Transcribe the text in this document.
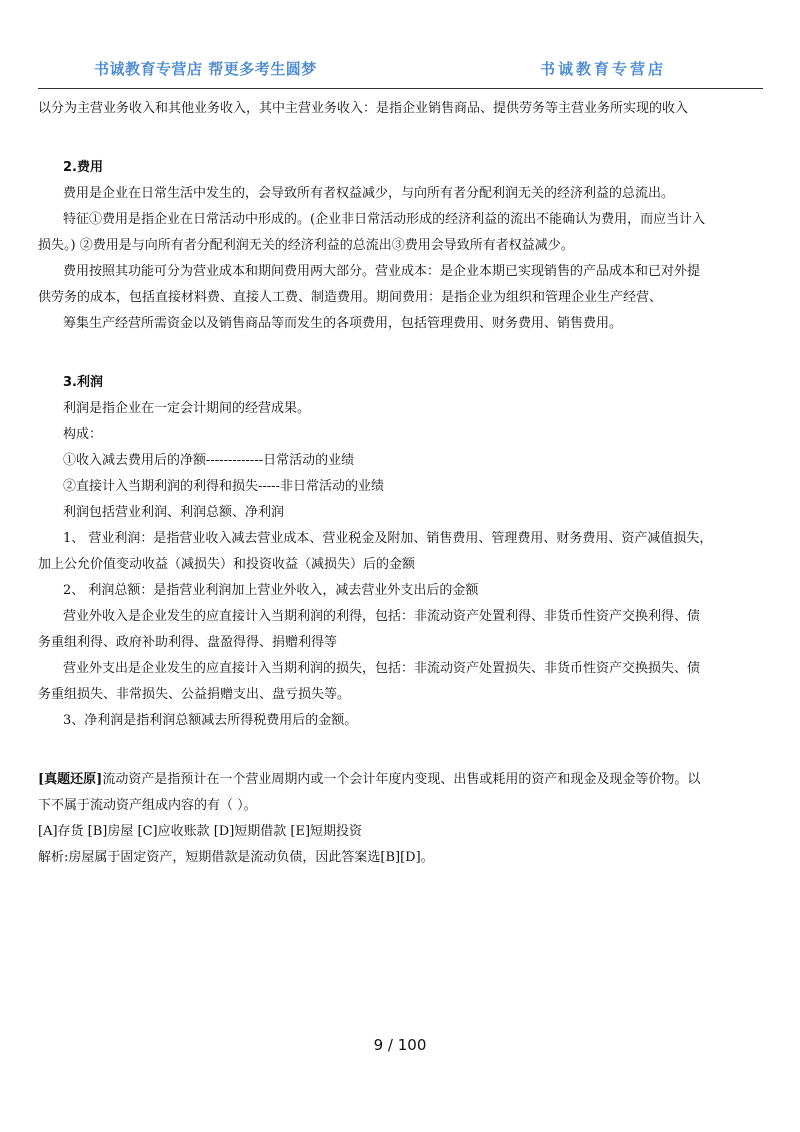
书诚教育专营店 帮更多考生圆梦	书诚教育专营店

以分为主营业务收入和其他业务收入，其中主营业务收入：是指企业销售商品、提供劳务等主营业务所实现的收入

2.费用

费用是企业在日常生活中发生的，会导致所有者权益减少，与向所有者分配利润无关的经济利益的总流出。

特征①费用是指企业在日常活动中形成的。(企业非日常活动形成的经济利益的流出不能确认为费用，而应当计入

损失。) ②费用是与向所有者分配利润无关的经济利益的总流出③费用会导致所有者权益减少。

费用按照其功能可分为营业成本和期间费用两大部分。营业成本：是企业本期已实现销售的产品成本和已对外提

供劳务的成本，包括直接材料费、直接人工费、制造费用。期间费用：是指企业为组织和管理企业生产经营、

筹集生产经营所需资金以及销售商品等而发生的各项费用，包括管理费用、财务费用、销售费用。

3.利润

利润是指企业在一定会计期间的经营成果。

构成：

①收入减去费用后的净额-------------日常活动的业绩

②直接计入当期利润的利得和损失-----非日常活动的业绩

利润包括营业利润、利润总额、净利润

1、 营业利润：是指营业收入减去营业成本、营业税金及附加、销售费用、管理费用、财务费用、资产减值损失，

加上公允价值变动收益（减损失）和投资收益（减损失）后的金额

2、 利润总额：是指营业利润加上营业外收入，减去营业外支出后的金额

营业外收入是企业发生的应直接计入当期利润的利得，包括：非流动资产处置利得、非货币性资产交换利得、债

务重组利得、政府补助利得、盘盈得得、捐赠利得等

营业外支出是企业发生的应直接计入当期利润的损失，包括：非流动资产处置损失、非货币性资产交换损失、债

务重组损失、非常损失、公益捐赠支出、盘亏损失等。

3、净利润是指利润总额减去所得税费用后的金额。

[真题还原]流动资产是指预计在一个营业周期内或一个会计年度内变现、出售或耗用的资产和现金及现金等价物。以

下不属于流动资产组成内容的有（ ）。

[A]存货 [B]房屋 [C]应收账款 [D]短期借款 [E]短期投资

解析:房屋属于固定资产，短期借款是流动负债，因此答案选[B][D]。

9 / 100
